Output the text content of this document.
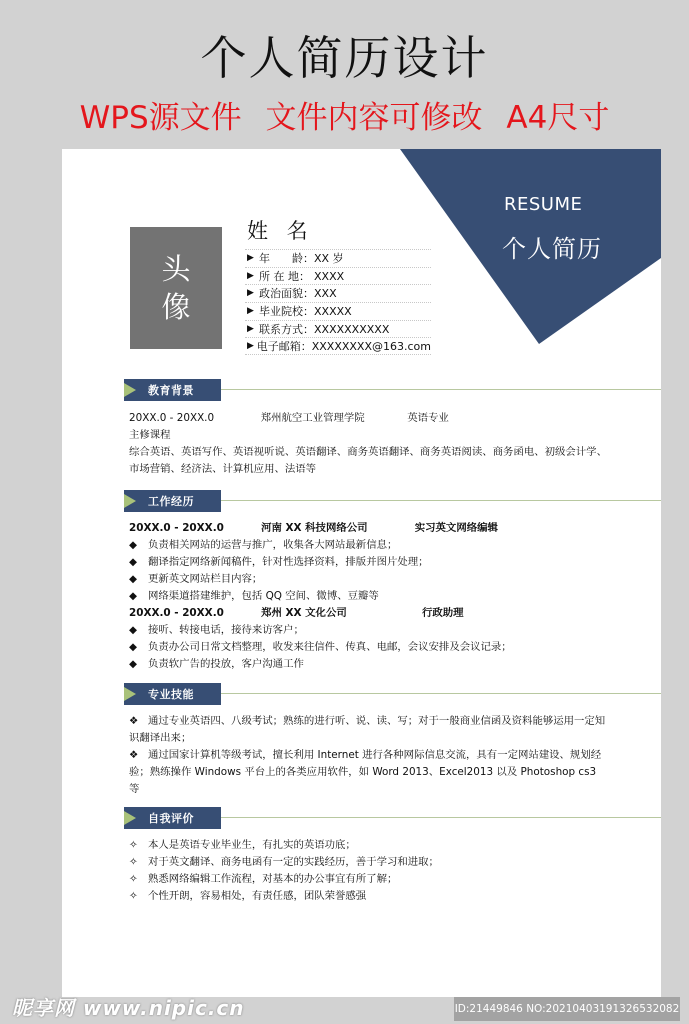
个人简历设计
WPS源文件 文件内容可修改 A4尺寸
RESUME
个人简历
头
像
姓 名
▶ 年　　龄： XX 岁
▶ 所 在 地： XXXX
▶ 政治面貌： XXX
▶ 毕业院校： XXXXX
▶ 联系方式： XXXXXXXXXX
▶ 电子邮箱： XXXXXXXX@163.com
教育背景
20XX.0 - 20XX.0	郑州航空工业管理学院	英语专业
主修课程
综合英语、英语写作、英语视听说、英语翻译、商务英语翻译、商务英语阅读、商务函电、初级会计学、市场营销、经济法、计算机应用、法语等
工作经历
20XX.0 - 20XX.0	河南 XX 科技网络公司	实习英文网络编辑
◆ 负责相关网站的运营与推广，收集各大网站最新信息；
◆ 翻译指定网络新闻稿件，针对性选择资料，排版并图片处理；
◆ 更新英文网站栏目内容；
◆ 网络渠道搭建维护，包括 QQ 空间、微博、豆瓣等
20XX.0 - 20XX.0	郑州 XX 文化公司	行政助理
◆ 接听、转接电话，接待来访客户；
◆ 负责办公司日常文档整理，收发来往信件、传真、电邮，会议安排及会议记录；
◆ 负责软广告的投放，客户沟通工作
专业技能
❖ 通过专业英语四、八级考试；熟练的进行听、说、读、写；对于一般商业信函及资料能够运用一定知识翻译出来；
❖ 通过国家计算机等级考试，擅长利用 Internet 进行各种网际信息交流，具有一定网站建设、规划经验；熟练操作 Windows 平台上的各类应用软件，如 Word 2013、Excel2013 以及 Photoshop cs3 等
自我评价
✧ 本人是英语专业毕业生，有扎实的英语功底；
✧ 对于英文翻译、商务电函有一定的实践经历，善于学习和进取；
✧ 熟悉网络编辑工作流程，对基本的办公事宜有所了解；
✧ 个性开朗，容易相处，有责任感，团队荣誉感强
昵享网 www.nipic.cn	ID:21449846 NO:20210403191326532082
